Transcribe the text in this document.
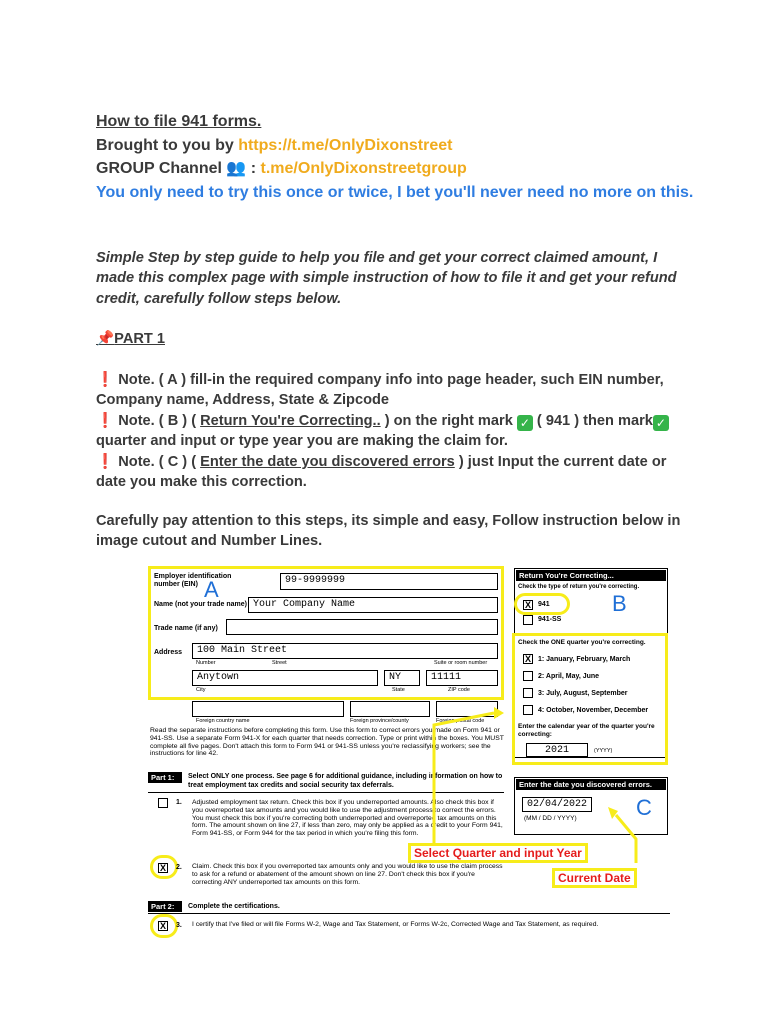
How to file 941 forms.
Brought to you by https://t.me/OnlyDixonstreet
GROUP Channel 👥 : t.me/OnlyDixonstreetgroup
You only need to try this once or twice, I bet you'll never need no more on this.
Simple Step by step guide to help you file and get your correct claimed amount, I made this complex page with simple instruction of how to file it and get your refund credit, carefully follow steps below.
📌PART 1
❗ Note. ( A ) fill-in the required company info into page header, such EIN number, Company name, Address, State & Zipcode
❗ Note. ( B ) ( Return You're Correcting.. ) on the right mark ✓ ( 941 ) then mark ✓ quarter and input or type year you are making the claim for.
❗ Note. ( C ) ( Enter the date you discovered errors ) just Input the current date or date you make this correction.
Carefully pay attention to this steps, its simple and easy, Follow instruction below in image cutout and Number Lines.
Employer identification number (EIN)	99-9999999
Name (not your trade name) Your Company Name
Trade name (if any)
Address	100 Main Street
Number	Street	Suite or room number
Anytown	NY	11111
City	State	ZIP code
Foreign country name	Foreign province/county	Foreign postal code
A
Read the separate instructions before completing this form. Use this form to correct errors you made on Form 941 or 941-SS. Use a separate Form 941-X for each quarter that needs correction. Type or print within the boxes. You MUST complete all five pages. Don't attach this form to Form 941 or 941-SS unless you're reclassifying workers; see the instructions for line 42.
Part 1:	Select ONLY one process. See page 6 for additional guidance, including information on how to treat employment tax credits and social security tax deferrals.
1. Adjusted employment tax return. Check this box if you underreported amounts. Also check this box if you overreported tax amounts and you would like to use the adjustment process to correct the errors. You must check this box if you're correcting both underreported and overreported tax amounts on this form. The amount shown on line 27, if less than zero, may only be applied as a credit to your Form 941, Form 941-SS, or Form 944 for the tax period in which you're filing this form.
X 2. Claim. Check this box if you overreported tax amounts only and you would like to use the claim process to ask for a refund or abatement of the amount shown on line 27. Don't check this box if you're correcting ANY underreported tax amounts on this form.
Part 2:	Complete the certifications.
X 3. I certify that I've filed or will file Forms W-2, Wage and Tax Statement, or Forms W-2c, Corrected Wage and Tax Statement, as required.
Return You're Correcting...
Check the type of return you're correcting.
X 941
941-SS
B
Check the ONE quarter you're correcting.
X 1: January, February, March
2: April, May, June
3: July, August, September
4: October, November, December
Enter the calendar year of the quarter you're correcting:
2021	(YYYY)
Enter the date you discovered errors.
02/04/2022
(MM / DD / YYYY)	C
Select Quarter and input Year
Current Date
